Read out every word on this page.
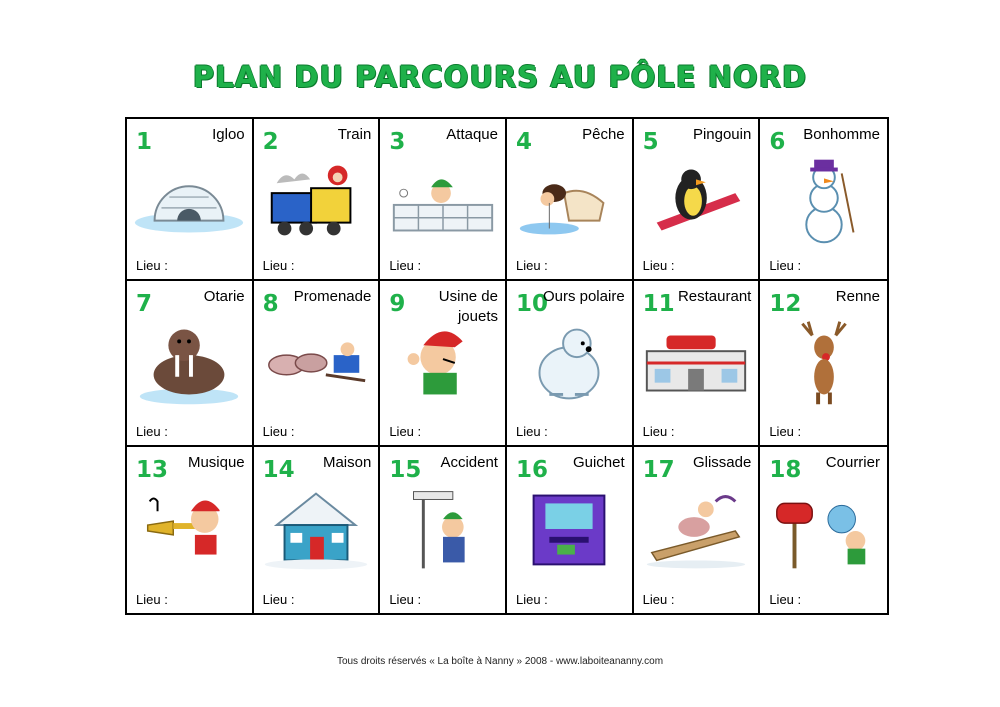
PLAN DU PARCOURS AU PÔLE NORD
1	Igloo
Lieu :
2	Train
Lieu :
3	Attaque
Lieu :
4	Pêche
Lieu :
5	Pingouin
Lieu :
6	Bonhomme
Lieu :
7	Otarie
Lieu :
8	Promenade
Lieu :
9	Usine de jouets
Lieu :
10
Ours polaire
Lieu :
11 Restaurant
Lieu :
12	Renne
Lieu :
13	Musique
Lieu :
14	Maison
Lieu :
15	Accident
Lieu :
16	Guichet
Lieu :
17	Glissade
Lieu :
18	Courrier
Lieu :
Tous droits réservés « La boîte à Nanny » 2008 - www.laboiteananny.com
